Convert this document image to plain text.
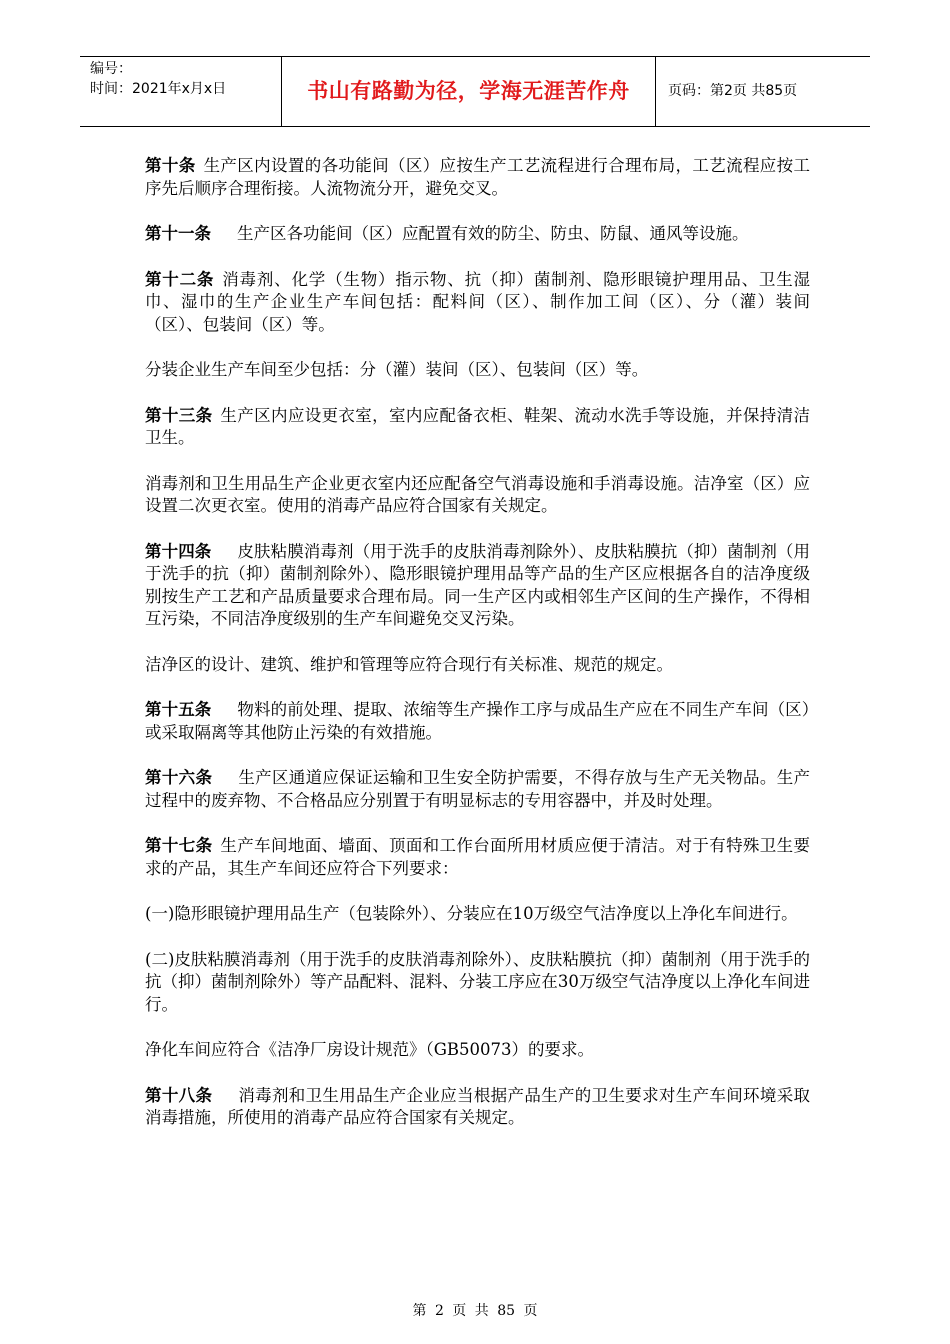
编号：
时间：2021年x月x日	书山有路勤为径，学海无涯苦作舟	页码：第2页 共85页

第十条 生产区内设置的各功能间（区）应按生产工艺流程进行合理布局，工艺流程应按工序先后顺序合理衔接。人流物流分开，避免交叉。

第十一条 生产区各功能间（区）应配置有效的防尘、防虫、防鼠、通风等设施。

第十二条 消毒剂、化学（生物）指示物、抗（抑）菌制剂、隐形眼镜护理用品、卫生湿巾、湿巾的生产企业生产车间包括：配料间（区）、制作加工间（区）、分（灌）装间（区）、包装间（区）等。

分装企业生产车间至少包括：分（灌）装间（区）、包装间（区）等。

第十三条 生产区内应设更衣室，室内应配备衣柜、鞋架、流动水洗手等设施，并保持清洁卫生。

消毒剂和卫生用品生产企业更衣室内还应配备空气消毒设施和手消毒设施。洁净室（区）应设置二次更衣室。使用的消毒产品应符合国家有关规定。

第十四条 皮肤粘膜消毒剂（用于洗手的皮肤消毒剂除外）、皮肤粘膜抗（抑）菌制剂（用于洗手的抗（抑）菌制剂除外）、隐形眼镜护理用品等产品的生产区应根据各自的洁净度级别按生产工艺和产品质量要求合理布局。同一生产区内或相邻生产区间的生产操作，不得相互污染，不同洁净度级别的生产车间避免交叉污染。

洁净区的设计、建筑、维护和管理等应符合现行有关标准、规范的规定。

第十五条 物料的前处理、提取、浓缩等生产操作工序与成品生产应在不同生产车间（区）或采取隔离等其他防止污染的有效措施。

第十六条 生产区通道应保证运输和卫生安全防护需要，不得存放与生产无关物品。生产过程中的废弃物、不合格品应分别置于有明显标志的专用容器中，并及时处理。

第十七条 生产车间地面、墙面、顶面和工作台面所用材质应便于清洁。对于有特殊卫生要求的产品，其生产车间还应符合下列要求：

(一)隐形眼镜护理用品生产（包装除外）、分装应在10万级空气洁净度以上净化车间进行。

(二)皮肤粘膜消毒剂（用于洗手的皮肤消毒剂除外）、皮肤粘膜抗（抑）菌制剂（用于洗手的抗（抑）菌制剂除外）等产品配料、混料、分装工序应在30万级空气洁净度以上净化车间进行。

净化车间应符合《洁净厂房设计规范》（GB50073）的要求。

第十八条 消毒剂和卫生用品生产企业应当根据产品生产的卫生要求对生产车间环境采取消毒措施，所使用的消毒产品应符合国家有关规定。

第 2 页 共 85 页
